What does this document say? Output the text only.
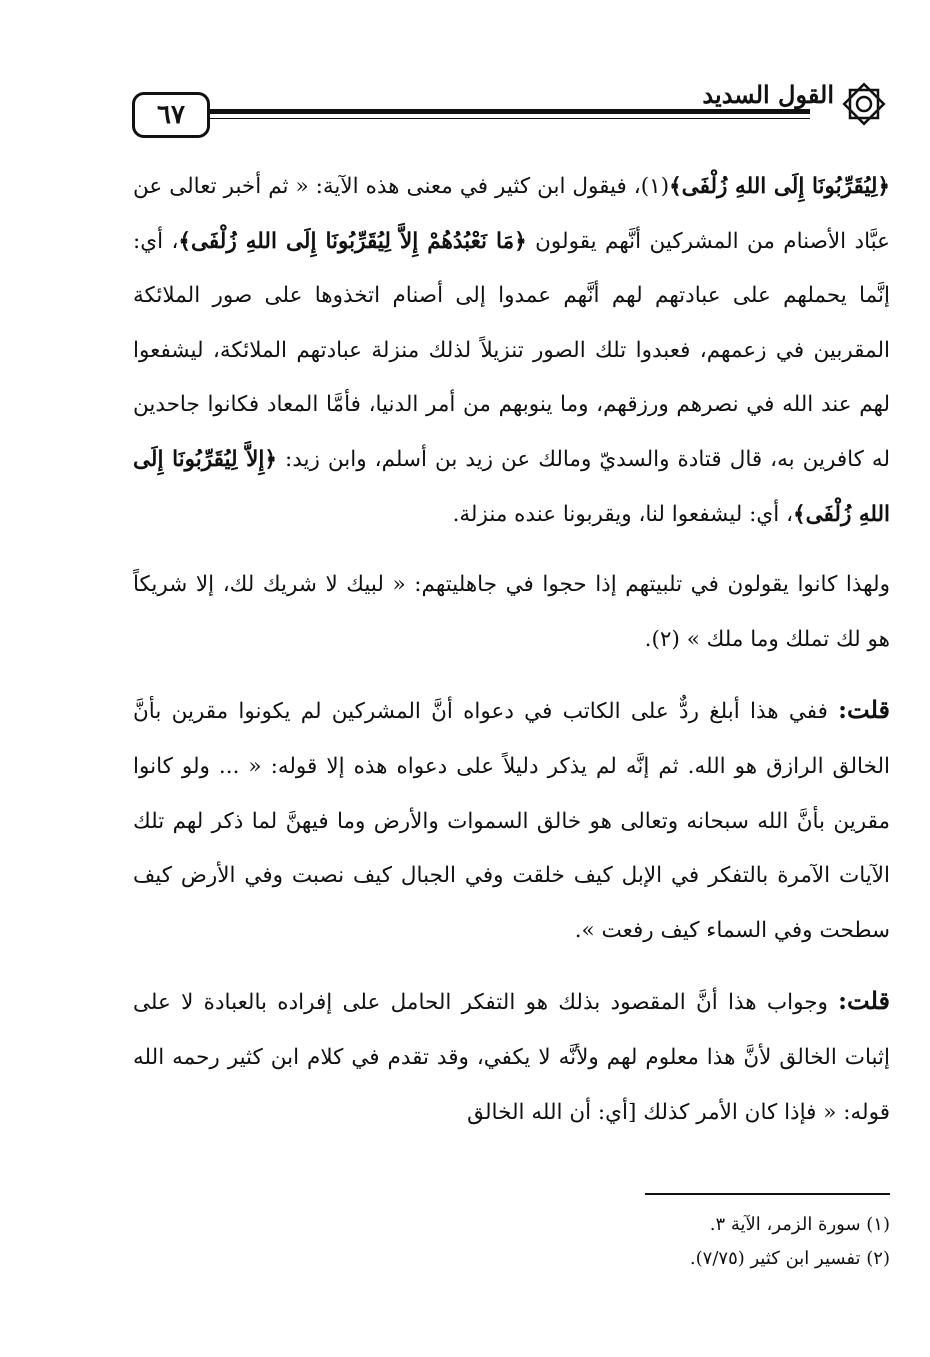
٦٧
القول السديد

﴿لِيُقَرِّبُونَا إِلَى اللهِ زُلْفَى﴾(١)، فيقول ابن كثير في معنى هذه الآية: « ثم أخبر تعالى عن عبَّاد الأصنام من المشركين أنَّهم يقولون ﴿مَا نَعْبُدُهُمْ إِلاَّ لِيُقَرِّبُونَا إِلَى اللهِ زُلْفَى﴾، أي: إنَّما يحملهم على عبادتهم لهم أنَّهم عمدوا إلى أصنام اتخذوها على صور الملائكة المقربين في زعمهم، فعبدوا تلك الصور تنزيلاً لذلك منزلة عبادتهم الملائكة، ليشفعوا لهم عند الله في نصرهم ورزقهم، وما ينوبهم من أمر الدنيا، فأمَّا المعاد فكانوا جاحدين له كافرين به، قال قتادة والسديّ ومالك عن زيد بن أسلم، وابن زيد: ﴿إِلاَّ لِيُقَرِّبُونَا إِلَى اللهِ زُلْفَى﴾، أي: ليشفعوا لنا، ويقربونا عنده منزلة.

ولهذا كانوا يقولون في تلبيتهم إذا حجوا في جاهليتهم: « لبيك لا شريك لك، إلا شريكاً هو لك تملك وما ملك » (٢).

قلت: ففي هذا أبلغ ردٌّ على الكاتب في دعواه أنَّ المشركين لم يكونوا مقرين بأنَّ الخالق الرازق هو الله. ثم إنَّه لم يذكر دليلاً على دعواه هذه إلا قوله: « ... ولو كانوا مقرين بأنَّ الله سبحانه وتعالى هو خالق السموات والأرض وما فيهنَّ لما ذكر لهم تلك الآيات الآمرة بالتفكر في الإبل كيف خلقت وفي الجبال كيف نصبت وفي الأرض كيف سطحت وفي السماء كيف رفعت ».

قلت: وجواب هذا أنَّ المقصود بذلك هو التفكر الحامل على إفراده بالعبادة لا على إثبات الخالق لأنَّ هذا معلوم لهم ولأنَّه لا يكفي، وقد تقدم في كلام ابن كثير رحمه الله قوله: « فإذا كان الأمر كذلك [أي: أن الله الخالق

(١) سورة الزمر، الآية ٣.
(٢) تفسير ابن كثير (٧/٧٥).
